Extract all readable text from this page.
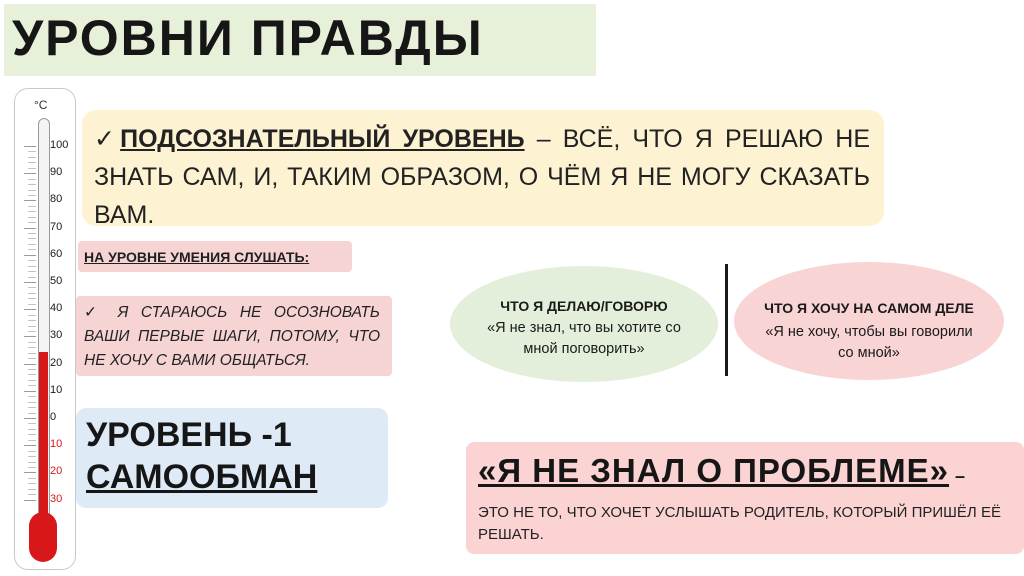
УРОВНИ ПРАВДЫ
°C
100
90
80
70
60
50
40
30
20
10
0
10
20
30
✓ПОДСОЗНАТЕЛЬНЫЙ УРОВЕНЬ – ВСЁ, ЧТО Я РЕШАЮ НЕ ЗНАТЬ САМ, И, ТАКИМ ОБРАЗОМ, О ЧЁМ Я НЕ МОГУ СКАЗАТЬ ВАМ.
НА УРОВНЕ УМЕНИЯ СЛУШАТЬ:
✓ Я СТАРАЮСЬ НЕ ОСОЗНОВАТЬ ВАШИ ПЕРВЫЕ ШАГИ, ПОТОМУ, ЧТО НЕ ХОЧУ С ВАМИ ОБЩАТЬСЯ.
УРОВЕНЬ -1
САМООБМАН
ЧТО Я ДЕЛАЮ/ГОВОРЮ
«Я не знал, что вы хотите со мной поговорить»
ЧТО Я ХОЧУ НА САМОМ ДЕЛЕ
«Я не хочу, чтобы вы говорили со мной»
«Я НЕ ЗНАЛ О ПРОБЛЕМЕ» –
ЭТО НЕ ТО, ЧТО ХОЧЕТ УСЛЫШАТЬ РОДИТЕЛЬ, КОТОРЫЙ ПРИШЁЛ ЕЁ РЕШАТЬ.
